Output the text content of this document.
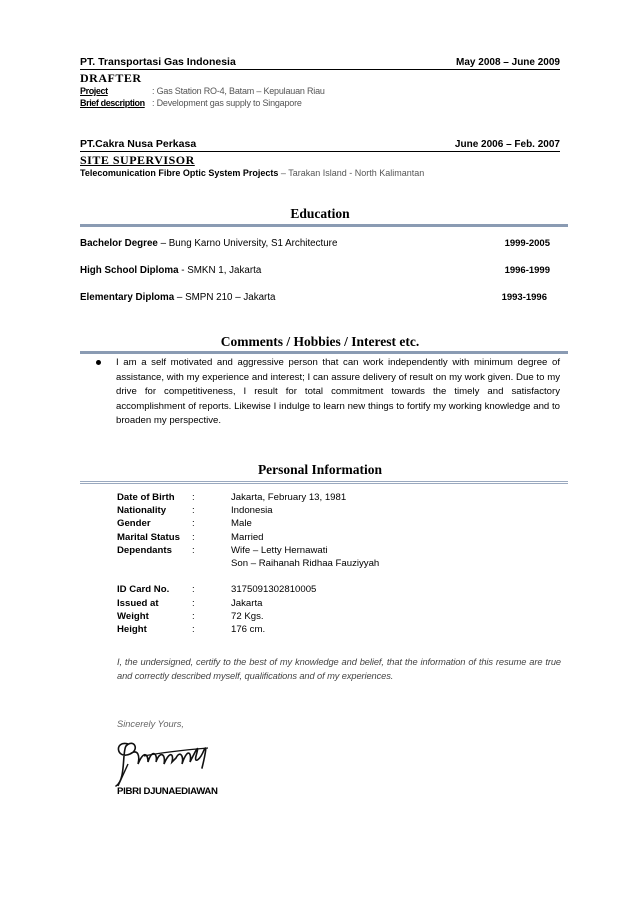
PT. Transportasi Gas Indonesia	May 2008 – June 2009
DRAFTER
Project	: Gas Station RO-4, Batam – Kepulauan Riau
Brief description : Development gas supply to Singapore
PT.Cakra Nusa Perkasa	June 2006 – Feb. 2007
SITE SUPERVISOR
Telecomunication Fibre Optic System Projects – Tarakan Island - North Kalimantan
Education
Bachelor Degree – Bung Karno University, S1 Architecture	1999-2005
High School Diploma - SMKN 1, Jakarta	1996-1999
Elementary Diploma – SMPN 210 – Jakarta	1993-1996
Comments / Hobbies / Interest etc.
I am a self motivated and aggressive person that can work independently with minimum degree of assistance, with my experience and interest; I can assure delivery of result on my work given. Due to my drive for competitiveness, I result for total commitment towards the timely and satisfactory accomplishment of reports. Likewise I indulge to learn new things to fortify my working knowledge and to broaden my perspective.
Personal Information
Date of Birth :	Jakarta, February 13, 1981
Nationality	:	Indonesia
Gender	:	Male
Marital Status :	Married
Dependants :	Wife – Letty Hernawati
Son – Raihanah Ridhaa Fauziyyah
ID Card No. :	3175091302810005
Issued at	:	Jakarta
Weight	:	72 Kgs.
Height	:	176 cm.
I, the undersigned, certify to the best of my knowledge and belief, that the information of this resume are true and correctly described myself, qualifications and of my experiences.
Sincerely Yours,
PIBRI DJUNAEDIAWAN
